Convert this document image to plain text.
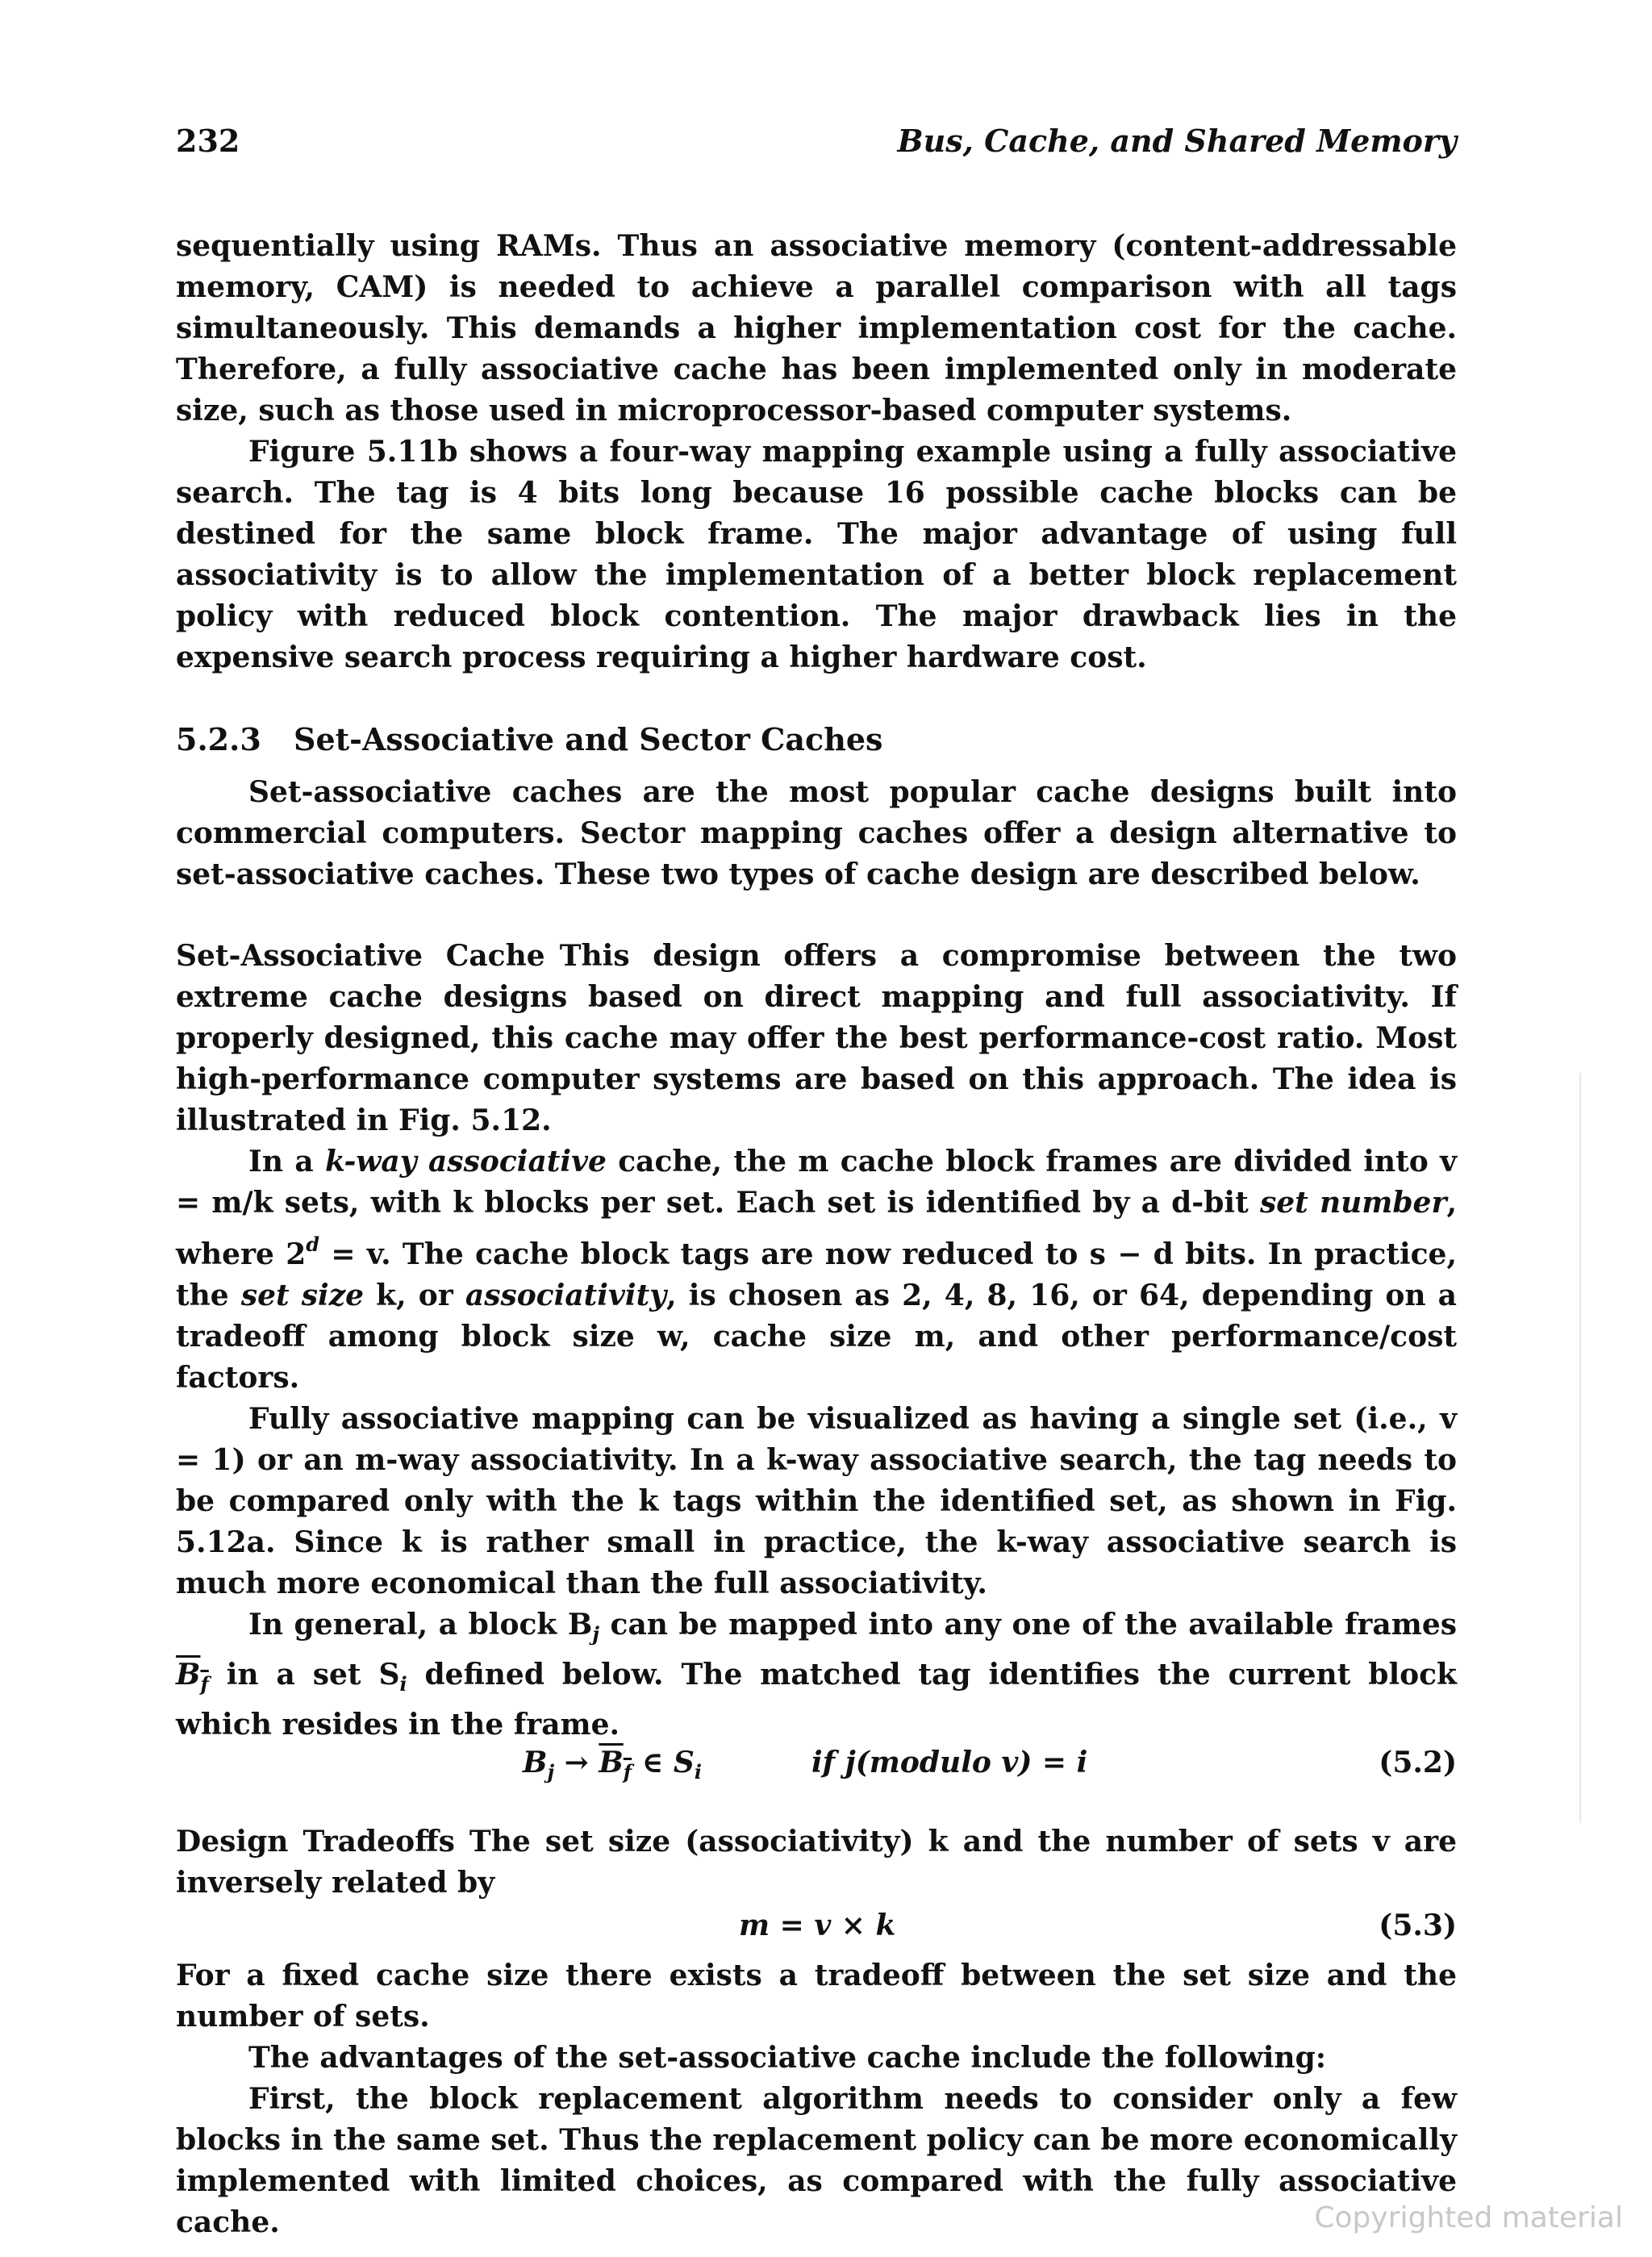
232	Bus, Cache, and Shared Memory

sequentially using RAMs. Thus an associative memory (content-addressable memory, CAM) is needed to achieve a parallel comparison with all tags simultaneously. This demands a higher implementation cost for the cache. Therefore, a fully associative cache has been implemented only in moderate size, such as those used in microprocessor-based computer systems.

Figure 5.11b shows a four-way mapping example using a fully associative search. The tag is 4 bits long because 16 possible cache blocks can be destined for the same block frame. The major advantage of using full associativity is to allow the implementation of a better block replacement policy with reduced block contention. The major drawback lies in the expensive search process requiring a higher hardware cost.

5.2.3 Set-Associative and Sector Caches

Set-associative caches are the most popular cache designs built into commercial computers. Sector mapping caches offer a design alternative to set-associative caches. These two types of cache design are described below.

Set-Associative Cache This design offers a compromise between the two extreme cache designs based on direct mapping and full associativity. If properly designed, this cache may offer the best performance-cost ratio. Most high-performance computer systems are based on this approach. The idea is illustrated in Fig. 5.12.

In a k-way associative cache, the m cache block frames are divided into v = m/k sets, with k blocks per set. Each set is identified by a d-bit set number, where $2^d = v$. The cache block tags are now reduced to s − d bits. In practice, the set size k, or associativity, is chosen as 2, 4, 8, 16, or 64, depending on a tradeoff among block size w, cache size m, and other performance/cost factors.

Fully associative mapping can be visualized as having a single set (i.e., v = 1) or an m-way associativity. In a k-way associative search, the tag needs to be compared only with the k tags within the identified set, as shown in Fig. 5.12a. Since k is rather small in practice, the k-way associative search is much more economical than the full associativity.

In general, a block $B_j$ can be mapped into any one of the available frames $B_f$ in a set $S_i$ defined below. The matched tag identifies the current block which resides in the frame.

$B_j \to B_f$ ∈ $S_i$	if j(modulo v) = i	(5.2)

Design Tradeoffs The set size (associativity) k and the number of sets v are inversely related by

m = v × k	(5.3)

For a fixed cache size there exists a tradeoff between the set size and the number of sets.

The advantages of the set-associative cache include the following:

First, the block replacement algorithm needs to consider only a few blocks in the same set. Thus the replacement policy can be more economically implemented with limited choices, as compared with the fully associative cache.	Copyrighted material
